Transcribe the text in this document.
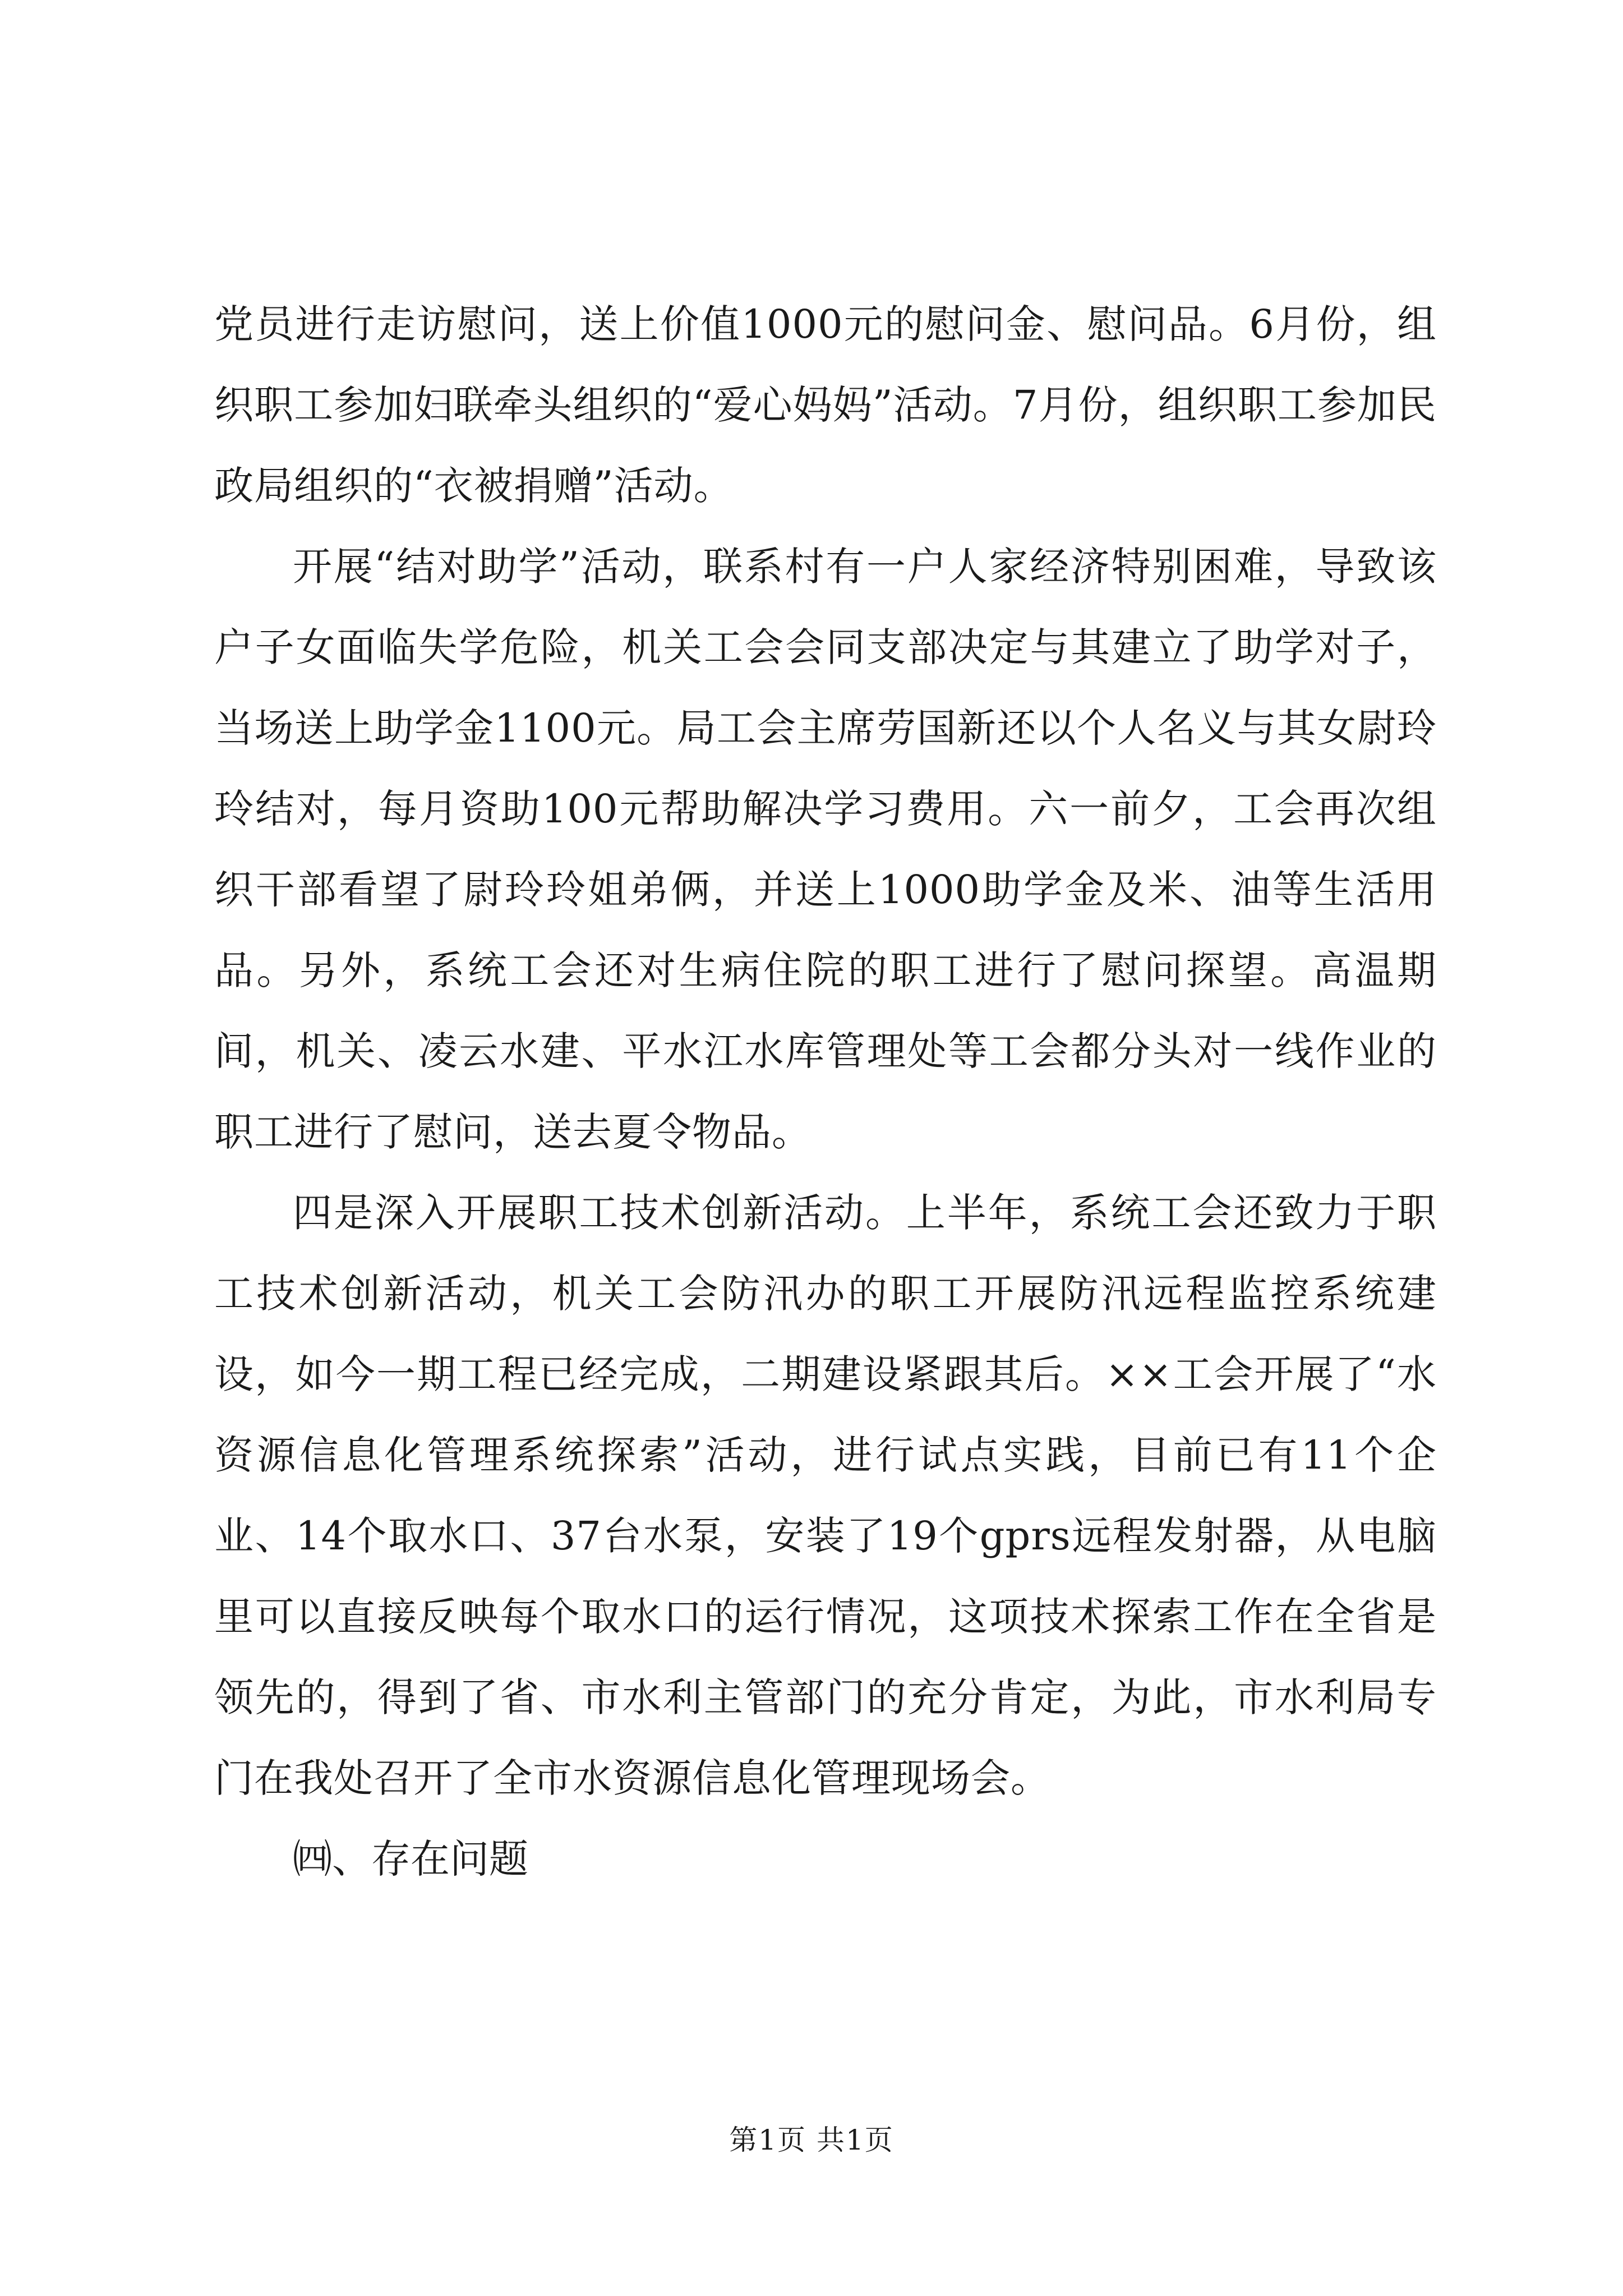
党员进行走访慰问，送上价值1000元的慰问金、慰问品。6月份，组织职工参加妇联牵头组织的“爱心妈妈”活动。7月份，组织职工参加民政局组织的“衣被捐赠”活动。

开展“结对助学”活动，联系村有一户人家经济特别困难，导致该户子女面临失学危险，机关工会会同支部决定与其建立了助学对子，当场送上助学金1100元。局工会主席劳国新还以个人名义与其女尉玲玲结对，每月资助100元帮助解决学习费用。六一前夕，工会再次组织干部看望了尉玲玲姐弟俩，并送上1000助学金及米、油等生活用品。另外，系统工会还对生病住院的职工进行了慰问探望。高温期间，机关、凌云水建、平水江水库管理处等工会都分头对一线作业的职工进行了慰问，送去夏令物品。

四是深入开展职工技术创新活动。上半年，系统工会还致力于职工技术创新活动，机关工会防汛办的职工开展防汛远程监控系统建设，如今一期工程已经完成，二期建设紧跟其后。××工会开展了“水资源信息化管理系统探索”活动，进行试点实践，目前已有11个企业、14个取水口、37台水泵，安装了19个gprs远程发射器，从电脑里可以直接反映每个取水口的运行情况，这项技术探索工作在全省是领先的，得到了省、市水利主管部门的充分肯定，为此，市水利局专门在我处召开了全市水资源信息化管理现场会。

㈣、存在问题

第1页 共1页
